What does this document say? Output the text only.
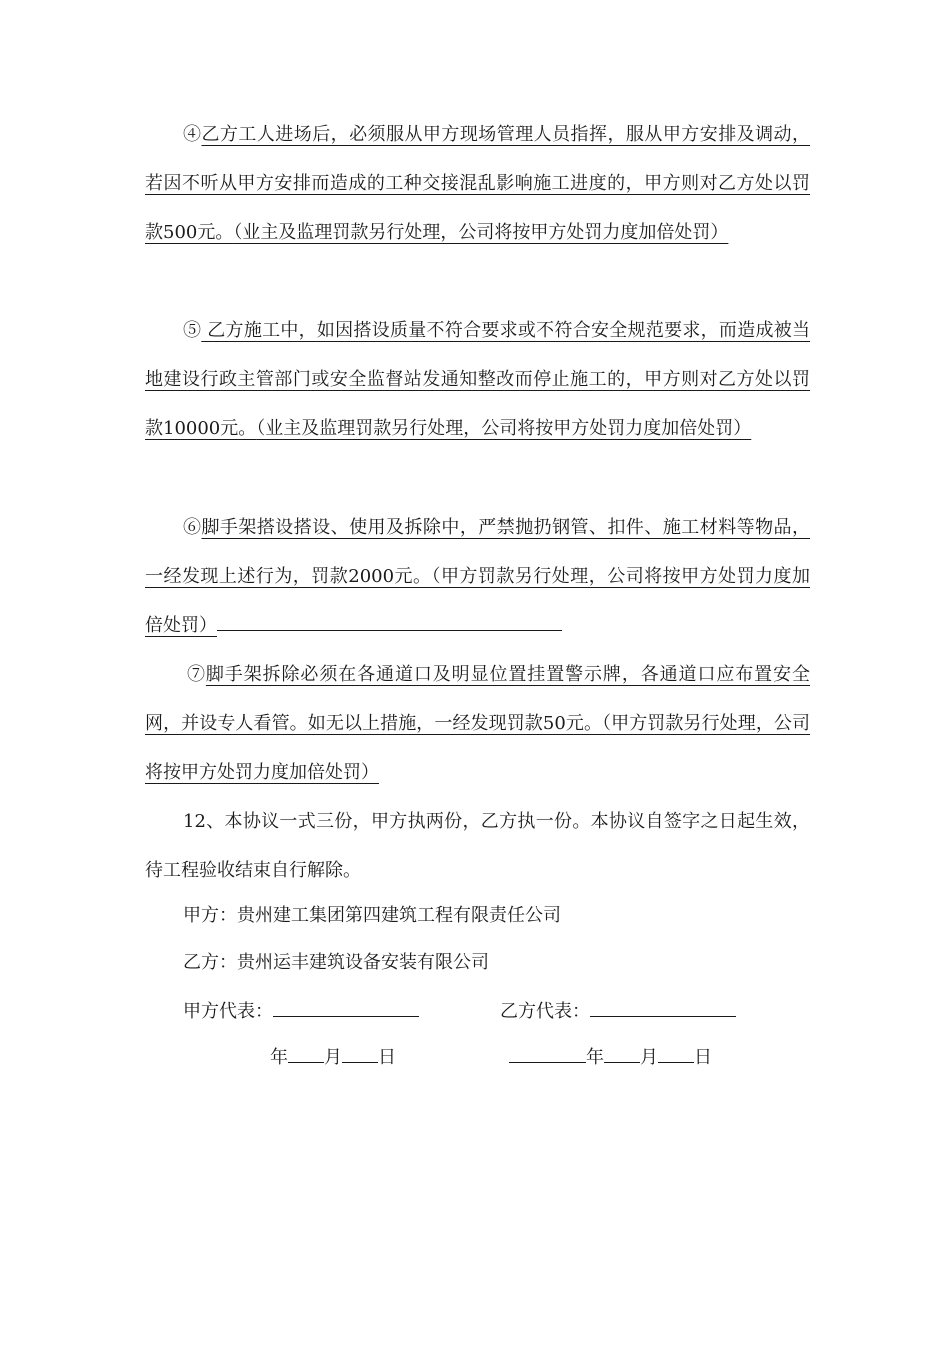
④乙方工人进场后，必须服从甲方现场管理人员指挥，服从甲方安排及调动，若因不听从甲方安排而造成的工种交接混乱影响施工进度的，甲方则对乙方处以罚款500元。（业主及监理罚款另行处理，公司将按甲方处罚力度加倍处罚）

⑤ 乙方施工中，如因搭设质量不符合要求或不符合安全规范要求，而造成被当地建设行政主管部门或安全监督站发通知整改而停止施工的，甲方则对乙方处以罚款10000元。（业主及监理罚款另行处理，公司将按甲方处罚力度加倍处罚）

⑥脚手架搭设搭设、使用及拆除中，严禁抛扔钢管、扣件、施工材料等物品，一经发现上述行为，罚款2000元。（甲方罚款另行处理，公司将按甲方处罚力度加倍处罚）

⑦脚手架拆除必须在各通道口及明显位置挂置警示牌，各通道口应布置安全网，并设专人看管。如无以上措施，一经发现罚款50元。（甲方罚款另行处理，公司将按甲方处罚力度加倍处罚）

12、本协议一式三份，甲方执两份，乙方执一份。本协议自签字之日起生效，待工程验收结束自行解除。

甲方：贵州建工集团第四建筑工程有限责任公司
乙方：贵州运丰建筑设备安装有限公司
甲方代表：	乙方代表：
年 月 日	年 月 日
